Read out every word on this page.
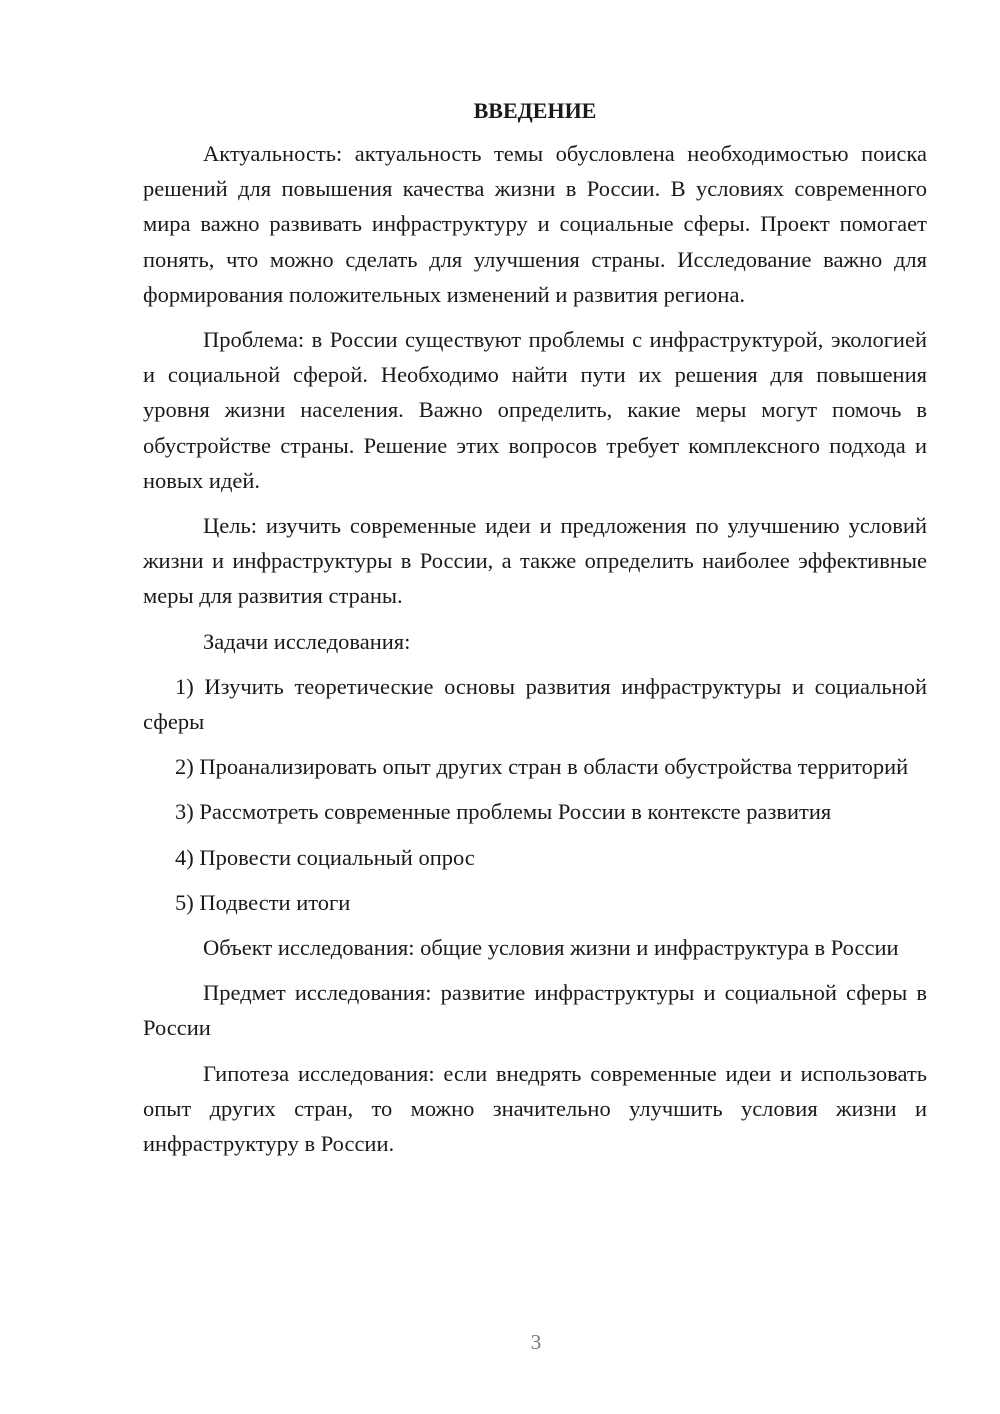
ВВЕДЕНИЕ

Актуальность: актуальность темы обусловлена необходимостью поиска решений для повышения качества жизни в России. В условиях современного мира важно развивать инфраструктуру и социальные сферы. Проект помогает понять, что можно сделать для улучшения страны. Исследование важно для формирования положительных изменений и развития региона.

Проблема: в России существуют проблемы с инфраструктурой, экологией и социальной сферой. Необходимо найти пути их решения для повышения уровня жизни населения. Важно определить, какие меры могут помочь в обустройстве страны. Решение этих вопросов требует комплексного подхода и новых идей.

Цель: изучить современные идеи и предложения по улучшению условий жизни и инфраструктуры в России, а также определить наиболее эффективные меры для развития страны.

Задачи исследования:

1) Изучить теоретические основы развития инфраструктуры и социальной сферы

2) Проанализировать опыт других стран в области обустройства территорий

3) Рассмотреть современные проблемы России в контексте развития

4) Провести социальный опрос

5) Подвести итоги

Объект исследования: общие условия жизни и инфраструктура в России

Предмет исследования: развитие инфраструктуры и социальной сферы в России

Гипотеза исследования: если внедрять современные идеи и использовать опыт других стран, то можно значительно улучшить условия жизни и инфраструктуру в России.

3
